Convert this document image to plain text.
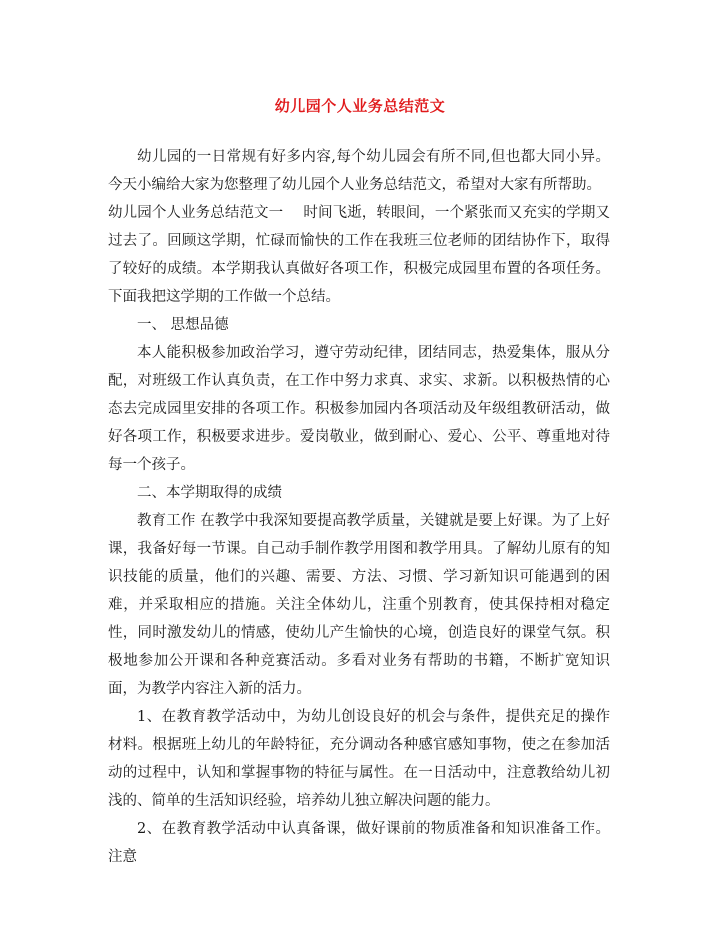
幼儿园个人业务总结范文

幼儿园的一日常规有好多内容,每个幼儿园会有所不同,但也都大同小异。今天小编给大家为您整理了幼儿园个人业务总结范文，希望对大家有所帮助。

幼儿园个人业务总结范文一 时间飞逝，转眼间，一个紧张而又充实的学期又过去了。回顾这学期，忙碌而愉快的工作在我班三位老师的团结协作下，取得了较好的成绩。本学期我认真做好各项工作，积极完成园里布置的各项任务。下面我把这学期的工作做一个总结。

一、 思想品德

本人能积极参加政治学习，遵守劳动纪律，团结同志，热爱集体，服从分配，对班级工作认真负责，在工作中努力求真、求实、求新。以积极热情的心态去完成园里安排的各项工作。积极参加园内各项活动及年级组教研活动，做好各项工作，积极要求进步。爱岗敬业，做到耐心、爱心、公平、尊重地对待每一个孩子。

二、本学期取得的成绩

教育工作 在教学中我深知要提高教学质量，关键就是要上好课。为了上好课，我备好每一节课。自己动手制作教学用图和教学用具。了解幼儿原有的知识技能的质量，他们的兴趣、需要、方法、习惯、学习新知识可能遇到的困难，并采取相应的措施。关注全体幼儿，注重个别教育，使其保持相对稳定性，同时激发幼儿的情感，使幼儿产生愉快的心境，创造良好的课堂气氛。积极地参加公开课和各种竞赛活动。多看对业务有帮助的书籍，不断扩宽知识面，为教学内容注入新的活力。

1、在教育教学活动中，为幼儿创设良好的机会与条件，提供充足的操作材料。根据班上幼儿的年龄特征，充分调动各种感官感知事物，使之在参加活动的过程中，认知和掌握事物的特征与属性。在一日活动中，注意教给幼儿初浅的、简单的生活知识经验，培养幼儿独立解决问题的能力。

2、在教育教学活动中认真备课，做好课前的物质准备和知识准备工作。注意
